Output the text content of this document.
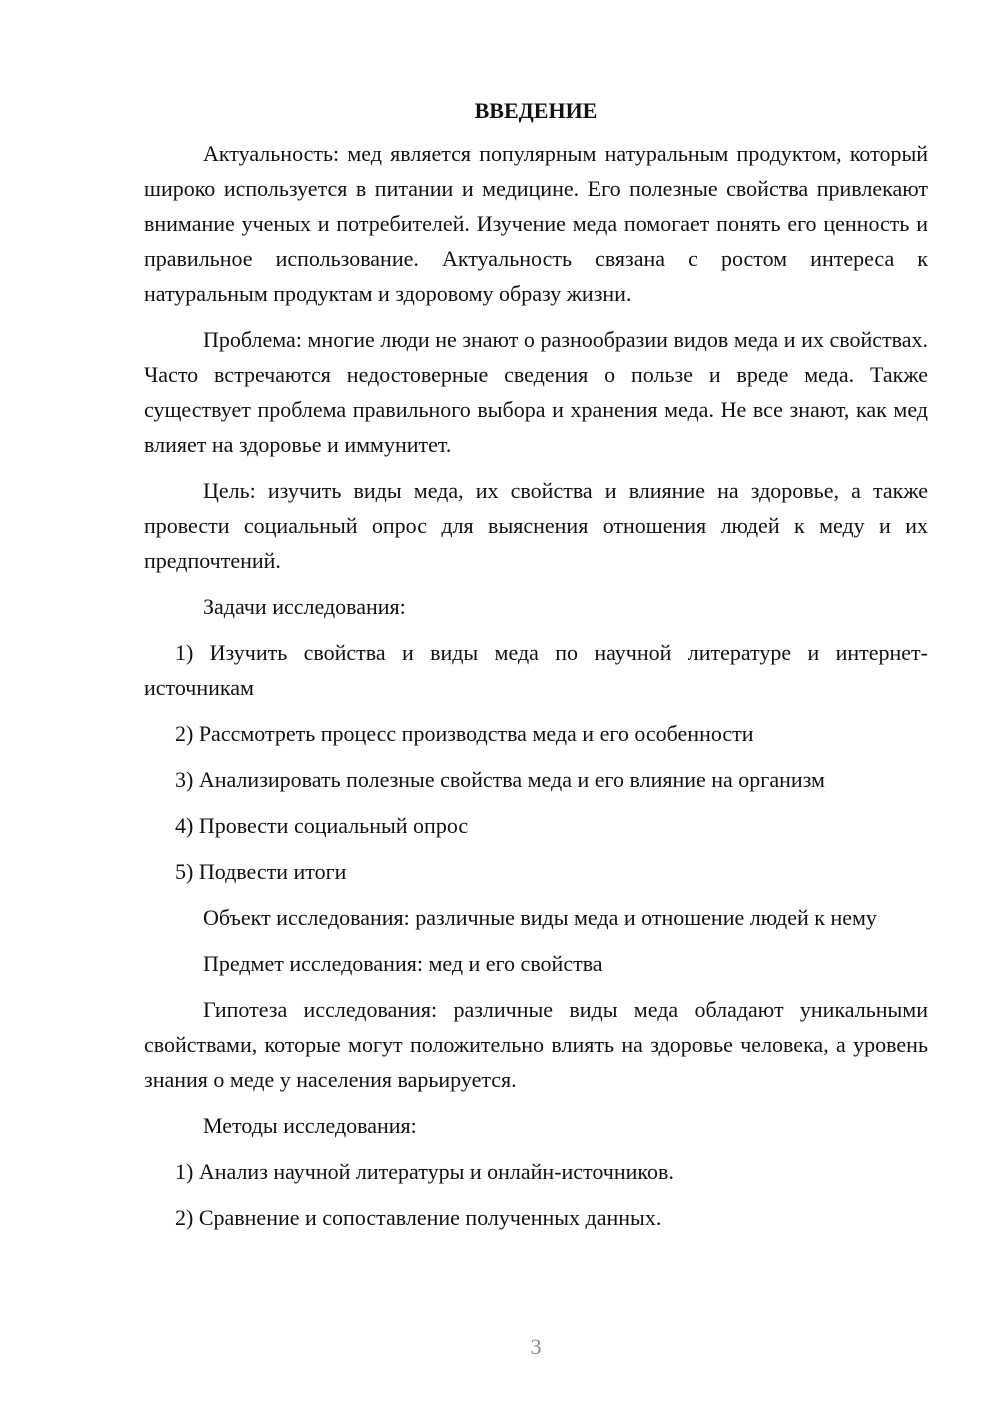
ВВЕДЕНИЕ

Актуальность: мед является популярным натуральным продуктом, который широко используется в питании и медицине. Его полезные свойства привлекают внимание ученых и потребителей. Изучение меда помогает понять его ценность и правильное использование. Актуальность связана с ростом интереса к натуральным продуктам и здоровому образу жизни.

Проблема: многие люди не знают о разнообразии видов меда и их свойствах. Часто встречаются недостоверные сведения о пользе и вреде меда. Также существует проблема правильного выбора и хранения меда. Не все знают, как мед влияет на здоровье и иммунитет.

Цель: изучить виды меда, их свойства и влияние на здоровье, а также провести социальный опрос для выяснения отношения людей к меду и их предпочтений.

Задачи исследования:

1) Изучить свойства и виды меда по научной литературе и интернет-источникам

2) Рассмотреть процесс производства меда и его особенности

3) Анализировать полезные свойства меда и его влияние на организм

4) Провести социальный опрос

5) Подвести итоги

Объект исследования: различные виды меда и отношение людей к нему

Предмет исследования: мед и его свойства

Гипотеза исследования: различные виды меда обладают уникальными свойствами, которые могут положительно влиять на здоровье человека, а уровень знания о меде у населения варьируется.

Методы исследования:

1) Анализ научной литературы и онлайн-источников.

2) Сравнение и сопоставление полученных данных.

3
